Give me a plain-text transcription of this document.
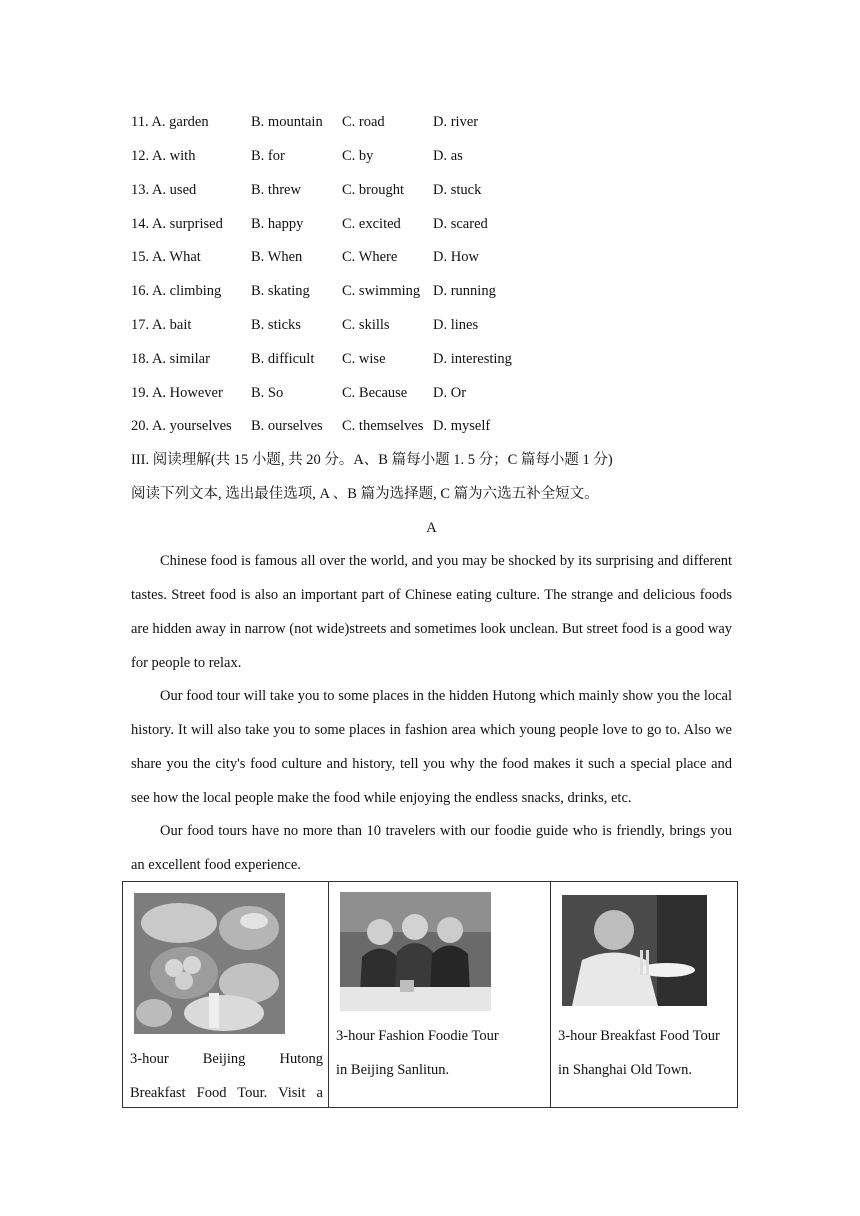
11. A. garden	B. mountain C. road	D. river
12. A. with	B. for	C. by	D. as
13. A. used	B. threw	C. brought D. stuck
14. A. surprised B. happy	C. excited D. scared
15. A. What	B. When	C. Where D. How
16. A. climbing B. skating C. swimming D. running
17. A. bait	B. sticks	C. skills	D. lines
18. A. similar	B. difficult C. wise	D. interesting
19. A. However B. So	C. Because D. Or
20. A. yourselves B. ourselves C. themselves D. myself
III. 阅读理解(共 15 小题, 共 20 分。A、B 篇每小题 1. 5 分；C 篇每小题 1 分)
阅读下列文本, 选出最佳选项, A 、B 篇为选择题, C 篇为六选五补全短文。
A

Chinese food is famous all over the world, and you may be shocked by its surprising and different tastes. Street food is also an important part of Chinese eating culture. The strange and delicious foods are hidden away in narrow (not wide)streets and sometimes look unclean. But street food is a good way for people to relax.

Our food tour will take you to some places in the hidden Hutong which mainly show you the local history. It will also take you to some places in fashion area which young people love to go to. Also we share you the city's food culture and history, tell you why the food makes it such a special place and see how the local people make the food while enjoying the endless snacks, drinks, etc.

Our food tours have no more than 10 travelers with our foodie guide who is friendly, brings you an excellent food experience.

3-hour Beijing Hutong
Breakfast Food Tour. Visit a

3-hour Fashion Foodie Tour
in Beijing Sanlitun.

3-hour Breakfast Food Tour
in Shanghai Old Town.
